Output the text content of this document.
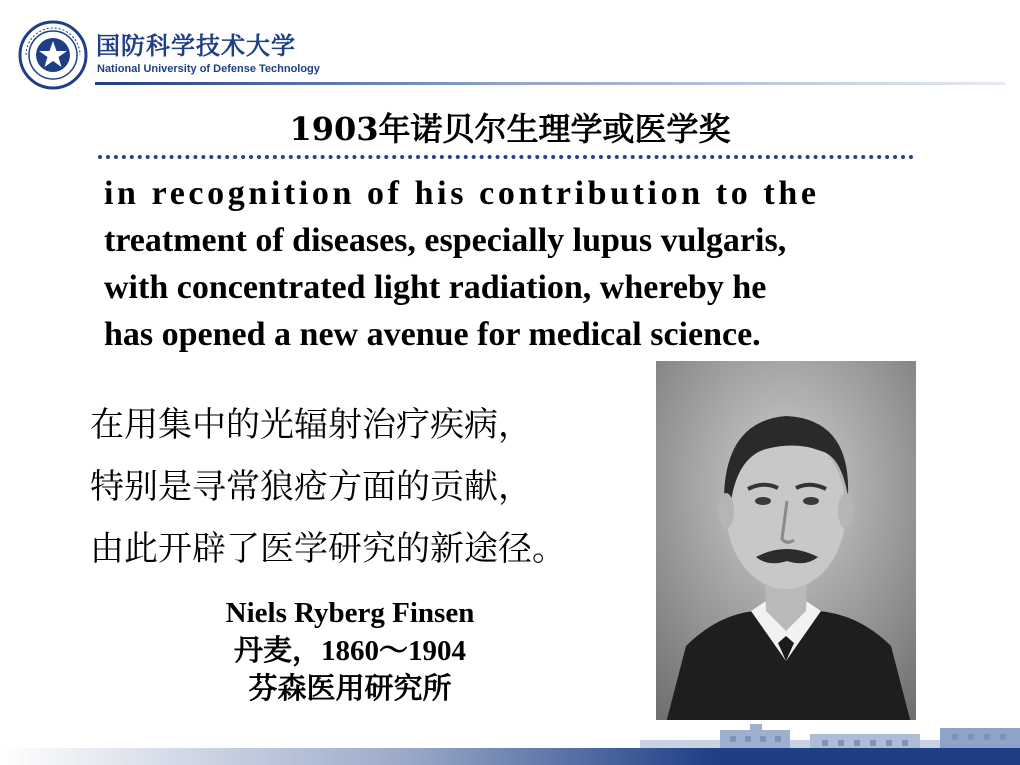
国防科学技术大学
National University of Defense Technology
1903年诺贝尔生理学或医学奖
in recognition of his contribution to the
treatment of diseases, especially lupus vulgaris,
with concentrated light radiation, whereby he
has opened a new avenue for medical science.
在用集中的光辐射治疗疾病，
特别是寻常狼疮方面的贡献，
由此开辟了医学研究的新途径。
Niels Ryberg Finsen
丹麦，1860～1904
芬森医用研究所
